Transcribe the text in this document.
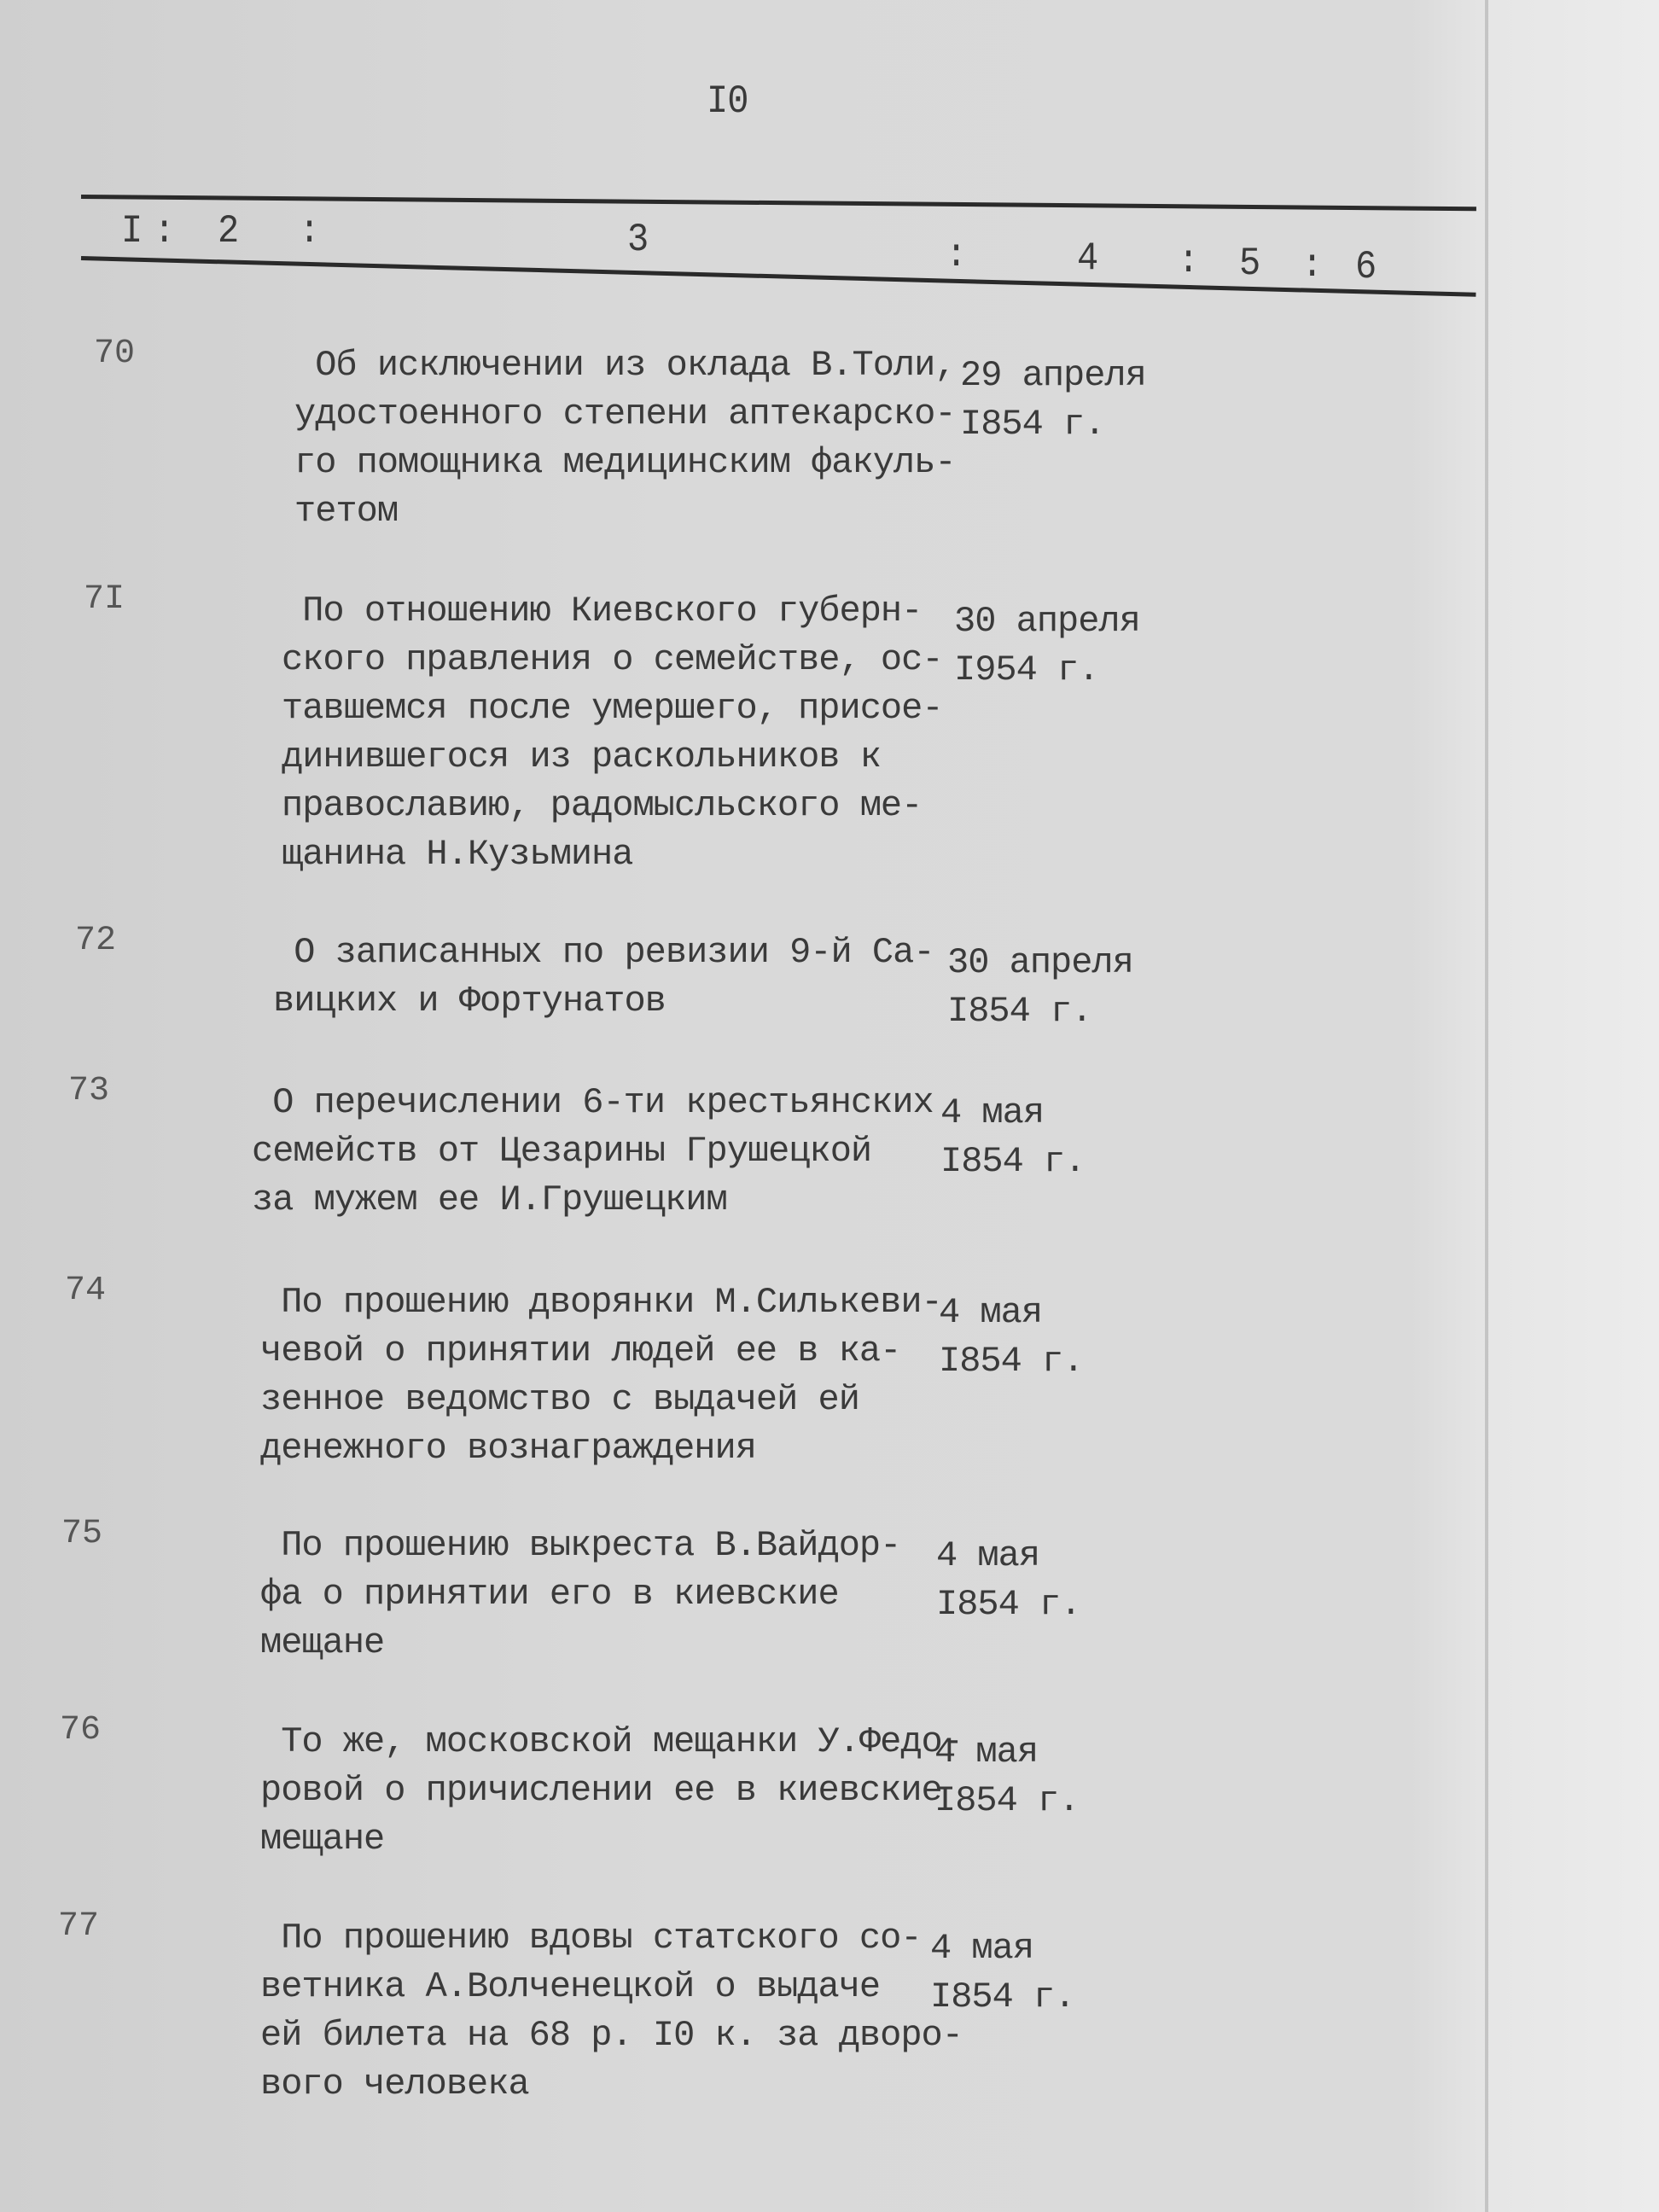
I0
I : 2 :	3	:	4 : 5 : 6
70	Об исключении из оклада В.Толи,
удостоенного степени аптекарско-
го помощника медицинским факуль-
тетом
29 апреля
I854 г.
7I	По отношению Киевского губерн-
ского правления о семействе, ос-
тавшемся после умершего, присое-
динившегося из раскольников к
православию, радомысльского ме-
щанина Н.Кузьмина
30 апреля
I954 г.
72	О записанных по ревизии 9-й Са-
вицких и Фортунатов
30 апреля
I854 г.
73	О перечислении 6-ти крестьянских
семейств от Цезарины Грушецкой
за мужем ее И.Грушецким
4 мая
I854 г.
74	По прошению дворянки М.Силькеви-
чевой о принятии людей ее в ка-
зенное ведомство с выдачей ей
денежного вознаграждения
4 мая
I854 г.
75	По прошению выкреста В.Вайдор-
фа о принятии его в киевские
мещане
4 мая
I854 г.
76	То же, московской мещанки У.Федо-
ровой о причислении ее в киевские
мещане
4 мая
I854 г.
77	По прошению вдовы статского со-
ветника А.Волченецкой о выдаче
ей билета на 68 р. I0 к. за дворо-
вого человека
4 мая
I854 г.
